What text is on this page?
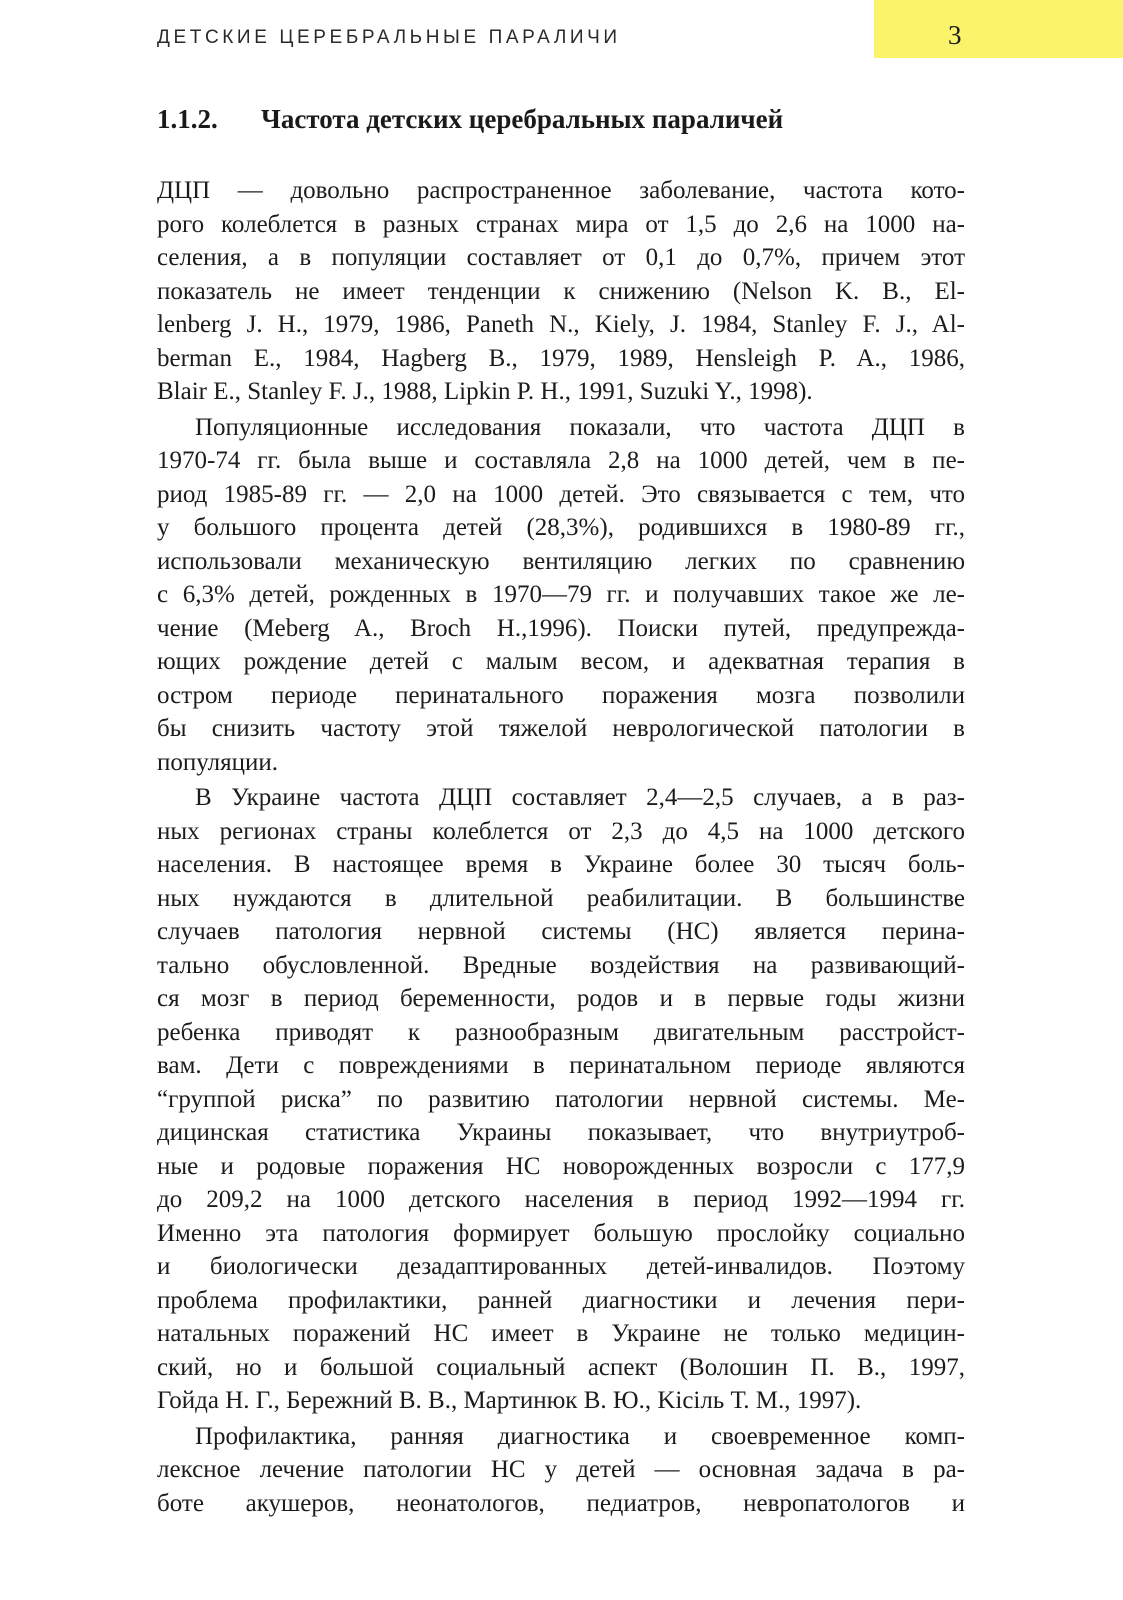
3
ДЕТСКИЕ ЦЕРЕБРАЛЬНЫЕ ПАРАЛИЧИ
1.1.2. Частота детских церебральных параличей

ДЦП — довольно распространенное заболевание, частота кото-
рого колеблется в разных странах мира от 1,5 до 2,6 на 1000 на-
селения, а в популяции составляет от 0,1 до 0,7%, причем этот
показатель не имеет тенденции к снижению (Nelson K. B., El-
lenberg J. H., 1979, 1986, Paneth N., Kiely, J. 1984, Stanley F. J., Al-
berman E., 1984, Hagberg B., 1979, 1989, Hensleigh P. A., 1986,
Blair E., Stanley F. J., 1988, Lipkin P. H., 1991, Suzuki Y., 1998).

Популяционные исследования показали, что частота ДЦП в
1970-74 гг. была выше и составляла 2,8 на 1000 детей, чем в пе-
риод 1985-89 гг. — 2,0 на 1000 детей. Это связывается с тем, что
у большого процента детей (28,3%), родившихся в 1980-89 гг.,
использовали механическую вентиляцию легких по сравнению
с 6,3% детей, рожденных в 1970—79 гг. и получавших такое же ле-
чение (Meberg A., Broch H.,1996). Поиски путей, предупрежда-
ющих рождение детей с малым весом, и адекватная терапия в
остром периоде перинатального поражения мозга позволили
бы снизить частоту этой тяжелой неврологической патологии в
популяции.

В Украине частота ДЦП составляет 2,4—2,5 случаев, а в раз-
ных регионах страны колеблется от 2,3 до 4,5 на 1000 детского
населения. В настоящее время в Украине более 30 тысяч боль-
ных нуждаются в длительной реабилитации. В большинстве
случаев патология нервной системы (НС) является перина-
тально обусловленной. Вредные воздействия на развивающий-
ся мозг в период беременности, родов и в первые годы жизни
ребенка приводят к разнообразным двигательным расстройст-
вам. Дети с повреждениями в перинатальном периоде являются
“группой риска” по развитию патологии нервной системы. Ме-
дицинская статистика Украины показывает, что внутриутроб-
ные и родовые поражения НС новорожденных возросли с 177,9
до 209,2 на 1000 детского населения в период 1992—1994 гг.
Именно эта патология формирует большую прослойку социально
и биологически дезадаптированных детей-инвалидов. Поэтому
проблема профилактики, ранней диагностики и лечения пери-
натальных поражений НС имеет в Украине не только медицин-
ский, но и большой социальный аспект (Волошин П. В., 1997,
Гойда Н. Г., Бережний В. В., Мартинюк В. Ю., Kісіль Т. М., 1997).

Профилактика, ранняя диагностика и своевременное комп-
лексное лечение патологии НС у детей — основная задача в ра-
боте акушеров, неонатологов, педиатров, невропатологов и
